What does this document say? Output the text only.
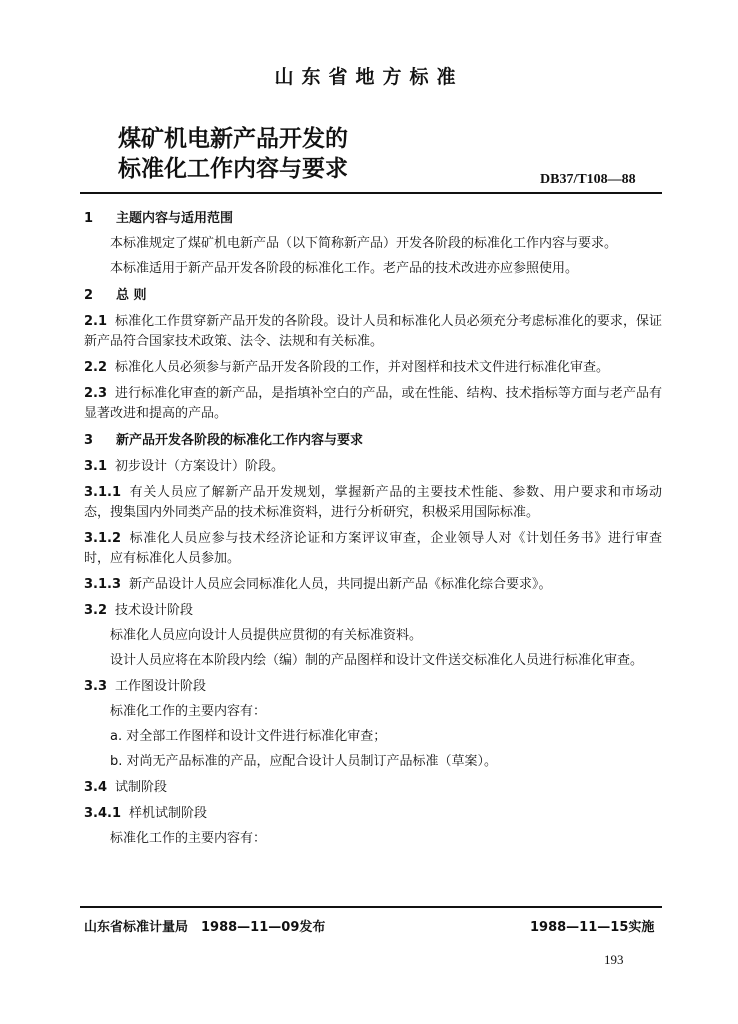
山东省地方标准
煤矿机电新产品开发的
标准化工作内容与要求	DB37/T108—88
1	主题内容与适用范围
本标准规定了煤矿机电新产品（以下简称新产品）开发各阶段的标准化工作内容与要求。
本标准适用于新产品开发各阶段的标准化工作。老产品的技术改进亦应参照使用。
2	总 则
2.1 标准化工作贯穿新产品开发的各阶段。设计人员和标准化人员必须充分考虑标准化的要求，保证新产品符合国家技术政策、法令、法规和有关标准。
2.2 标准化人员必须参与新产品开发各阶段的工作，并对图样和技术文件进行标准化审查。
2.3 进行标准化审查的新产品，是指填补空白的产品，或在性能、结构、技术指标等方面与老产品有显著改进和提高的产品。
3	新产品开发各阶段的标准化工作内容与要求
3.1 初步设计（方案设计）阶段。
3.1.1 有关人员应了解新产品开发规划，掌握新产品的主要技术性能、参数、用户要求和市场动态，搜集国内外同类产品的技术标准资料，进行分析研究，积极采用国际标准。
3.1.2 标准化人员应参与技术经济论证和方案评议审查，企业领导人对《计划任务书》进行审查时，应有标准化人员参加。
3.1.3 新产品设计人员应会同标准化人员，共同提出新产品《标准化综合要求》。
3.2 技术设计阶段
标准化人员应向设计人员提供应贯彻的有关标准资料。
设计人员应将在本阶段内绘（编）制的产品图样和设计文件送交标准化人员进行标准化审查。
3.3 工作图设计阶段
标准化工作的主要内容有：
a. 对全部工作图样和设计文件进行标准化审查；
b. 对尚无产品标准的产品，应配合设计人员制订产品标准（草案）。
3.4 试制阶段
3.4.1 样机试制阶段
标准化工作的主要内容有：
山东省标准计量局　1988—11—09发布	1988—11—15实施
193
